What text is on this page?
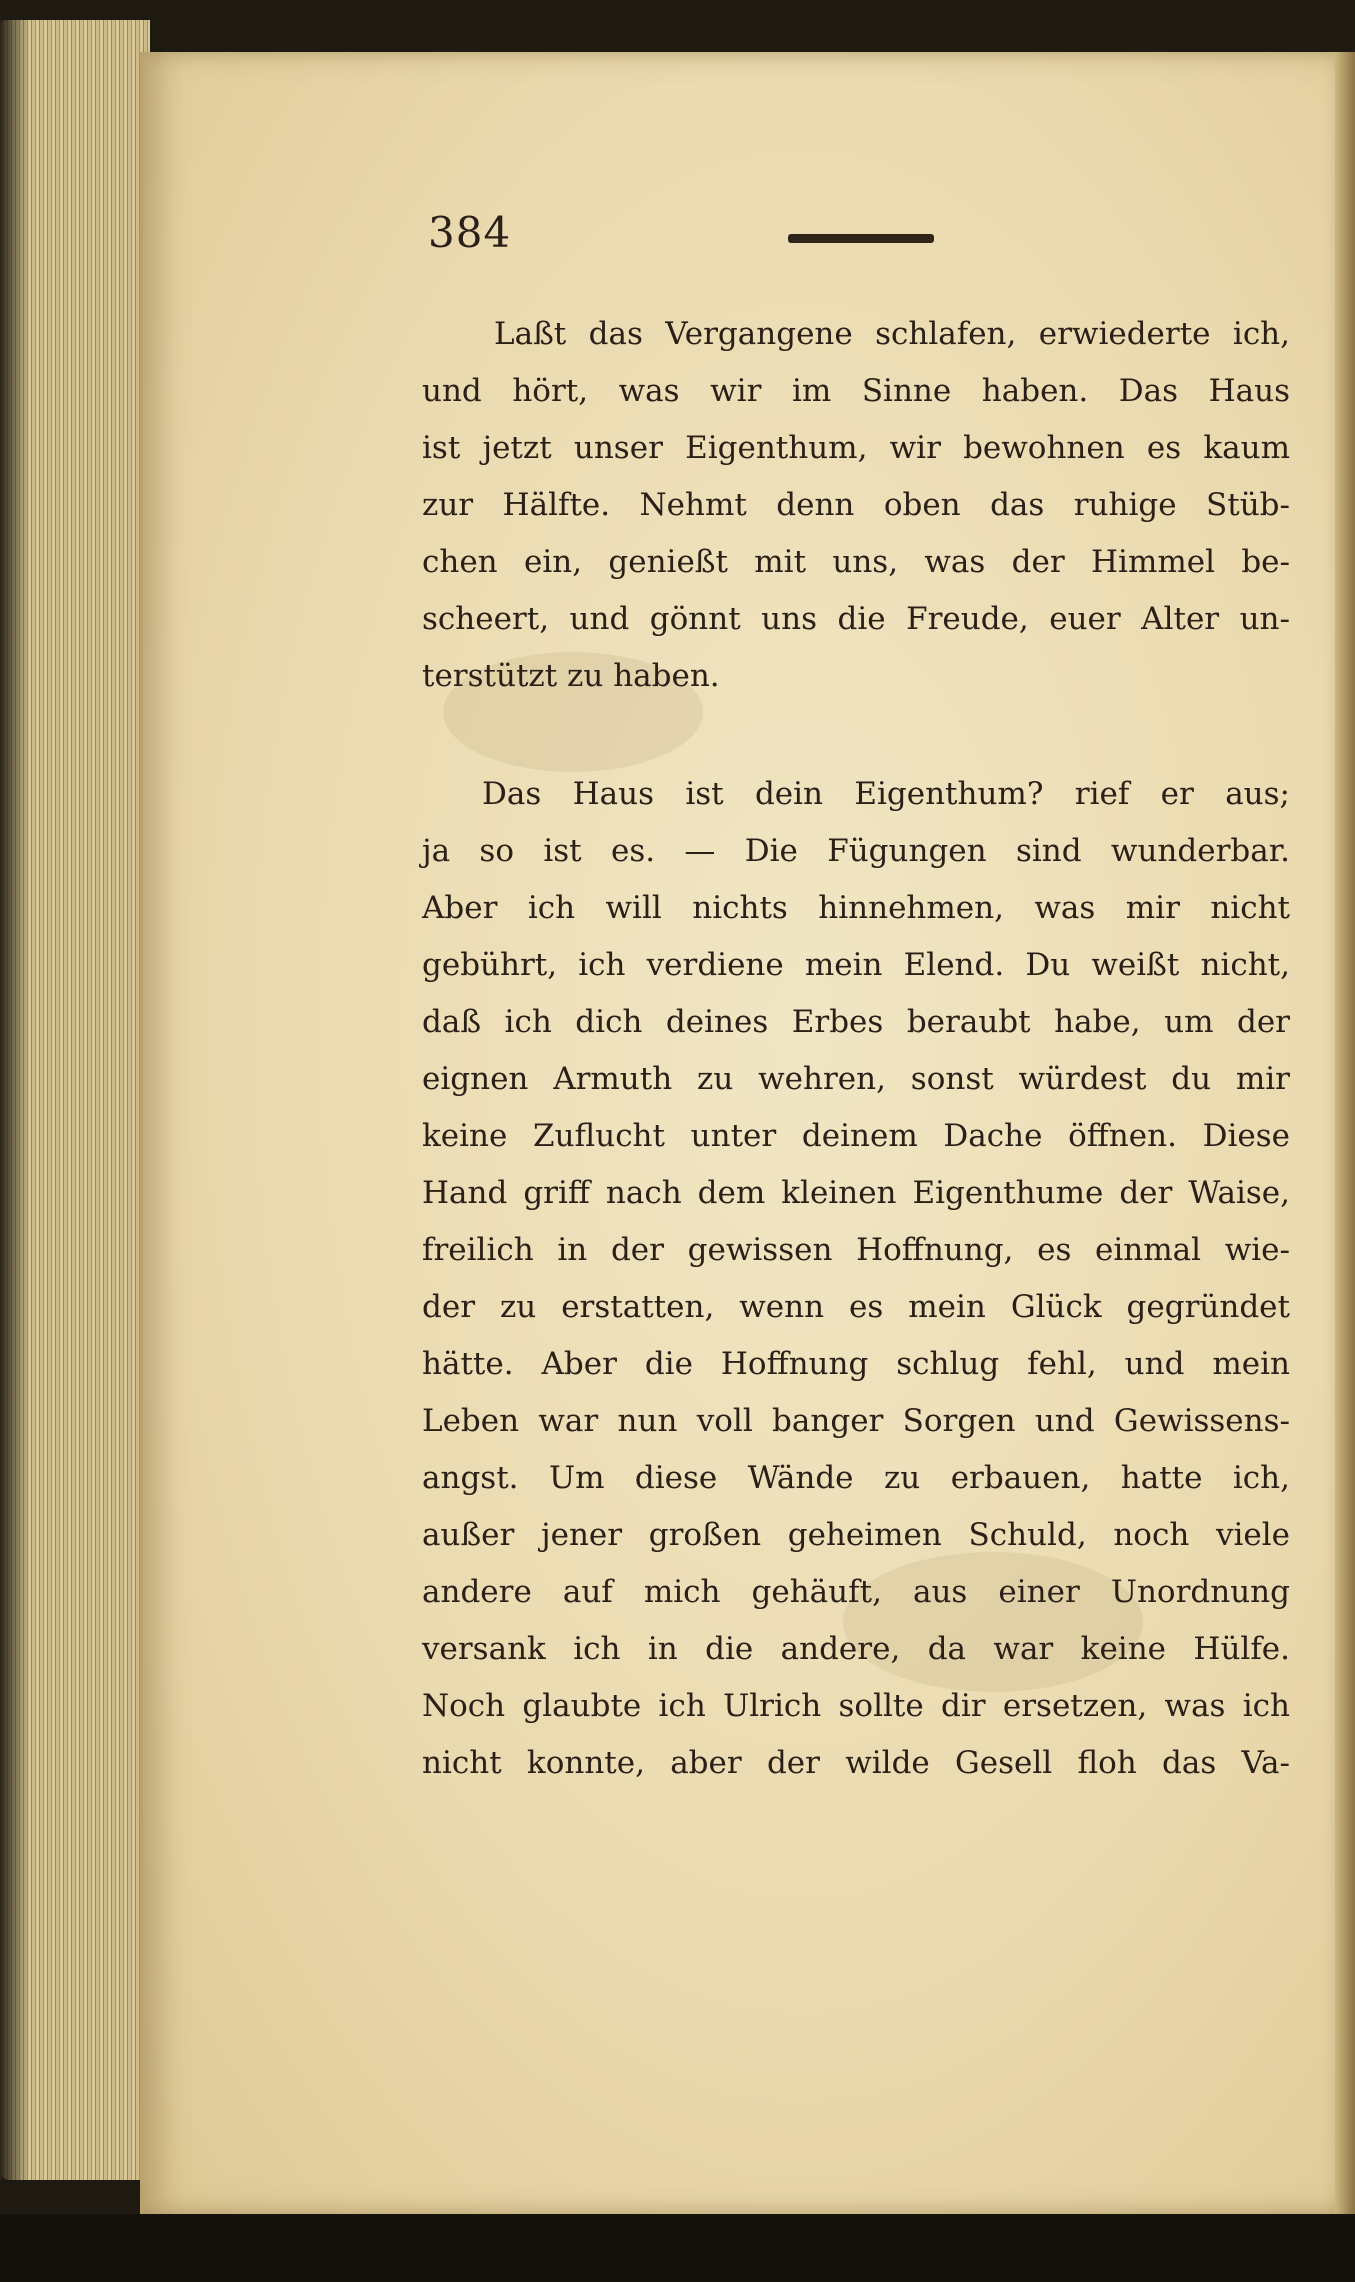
384
Laßt das Vergangene schlafen, erwiederte ich,
und hört, was wir im Sinne haben. Das Haus
ist jetzt unser Eigenthum, wir bewohnen es kaum
zur Hälfte. Nehmt denn oben das ruhige Stüb-
chen ein, genießt mit uns, was der Himmel be-
scheert, und gönnt uns die Freude, euer Alter un-
terstützt zu haben.
Das Haus ist dein Eigenthum? rief er aus;
ja so ist es. — Die Fügungen sind wunderbar.
Aber ich will nichts hinnehmen, was mir nicht
gebührt, ich verdiene mein Elend. Du weißt nicht,
daß ich dich deines Erbes beraubt habe, um der
eignen Armuth zu wehren, sonst würdest du mir
keine Zuflucht unter deinem Dache öffnen. Diese
Hand griff nach dem kleinen Eigenthume der Waise,
freilich in der gewissen Hoffnung, es einmal wie-
der zu erstatten, wenn es mein Glück gegründet
hätte. Aber die Hoffnung schlug fehl, und mein
Leben war nun voll banger Sorgen und Gewissens-
angst. Um diese Wände zu erbauen, hatte ich,
außer jener großen geheimen Schuld, noch viele
andere auf mich gehäuft, aus einer Unordnung
versank ich in die andere, da war keine Hülfe.
Noch glaubte ich Ulrich sollte dir ersetzen, was ich
nicht konnte, aber der wilde Gesell floh das Va-
